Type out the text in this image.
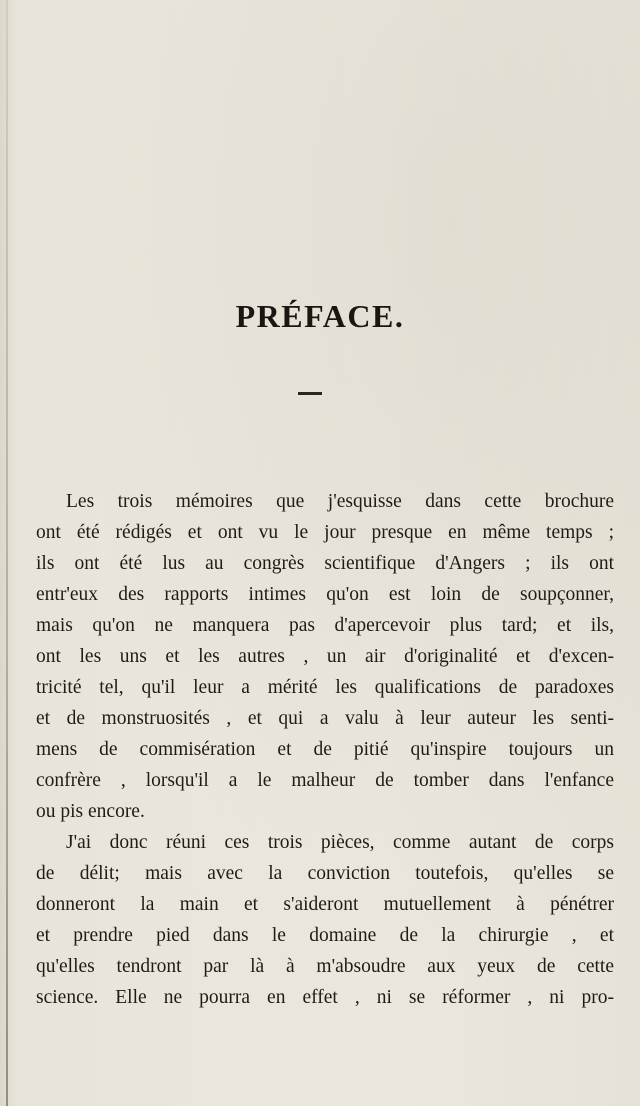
PRÉFACE.

Les trois mémoires que j'esquisse dans cette brochure
ont été rédigés et ont vu le jour presque en même temps ;
ils ont été lus au congrès scientifique d'Angers ; ils ont
entr'eux des rapports intimes qu'on est loin de soupçonner,
mais qu'on ne manquera pas d'apercevoir plus tard; et ils,
ont les uns et les autres , un air d'originalité et d'excen-
tricité tel, qu'il leur a mérité les qualifications de paradoxes
et de monstruosités , et qui a valu à leur auteur les senti-
mens de commisération et de pitié qu'inspire toujours un
confrère , lorsqu'il a le malheur de tomber dans l'enfance
ou pis encore.

J'ai donc réuni ces trois pièces, comme autant de corps
de délit; mais avec la conviction toutefois, qu'elles se
donneront la main et s'aideront mutuellement à pénétrer
et prendre pied dans le domaine de la chirurgie , et
qu'elles tendront par là à m'absoudre aux yeux de cette
science. Elle ne pourra en effet , ni se réformer , ni pro-
